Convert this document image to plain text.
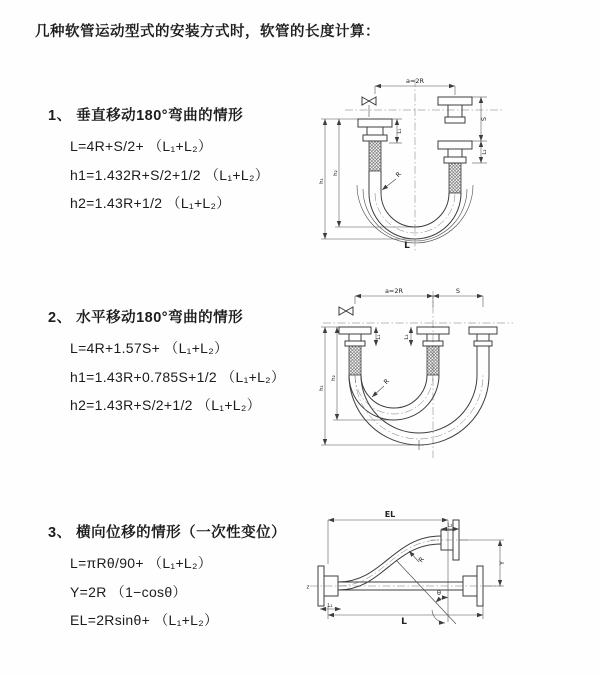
几种软管运动型式的安装方式时，软管的长度计算：

1、 垂直移动180°弯曲的情形

L=4R+S/2+ （L₁+L₂）

h1=1.432R+S/2+1/2 （L₁+L₂）

h2=1.43R+1/2 （L₁+L₂）

2、 水平移动180°弯曲的情形

L=4R+1.57S+ （L₁+L₂）

h1=1.43R+0.785S+1/2 （L₁+L₂）

h2=1.43R+S/2+1/2 （L₁+L₂）

3、 横向位移的情形（一次性变位）

L=πRθ/90+ （L₁+L₂）

Y=2R （1−cosθ）

EL=2Rsinθ+ （L₁+L₂）

a=2R
S
L₂
L₁
h₁
h₂	R
L
a=2R	S
h₁
h₂
L₁	L₂
R
z
EL
L₂
θ
R	Y
L
L₁
